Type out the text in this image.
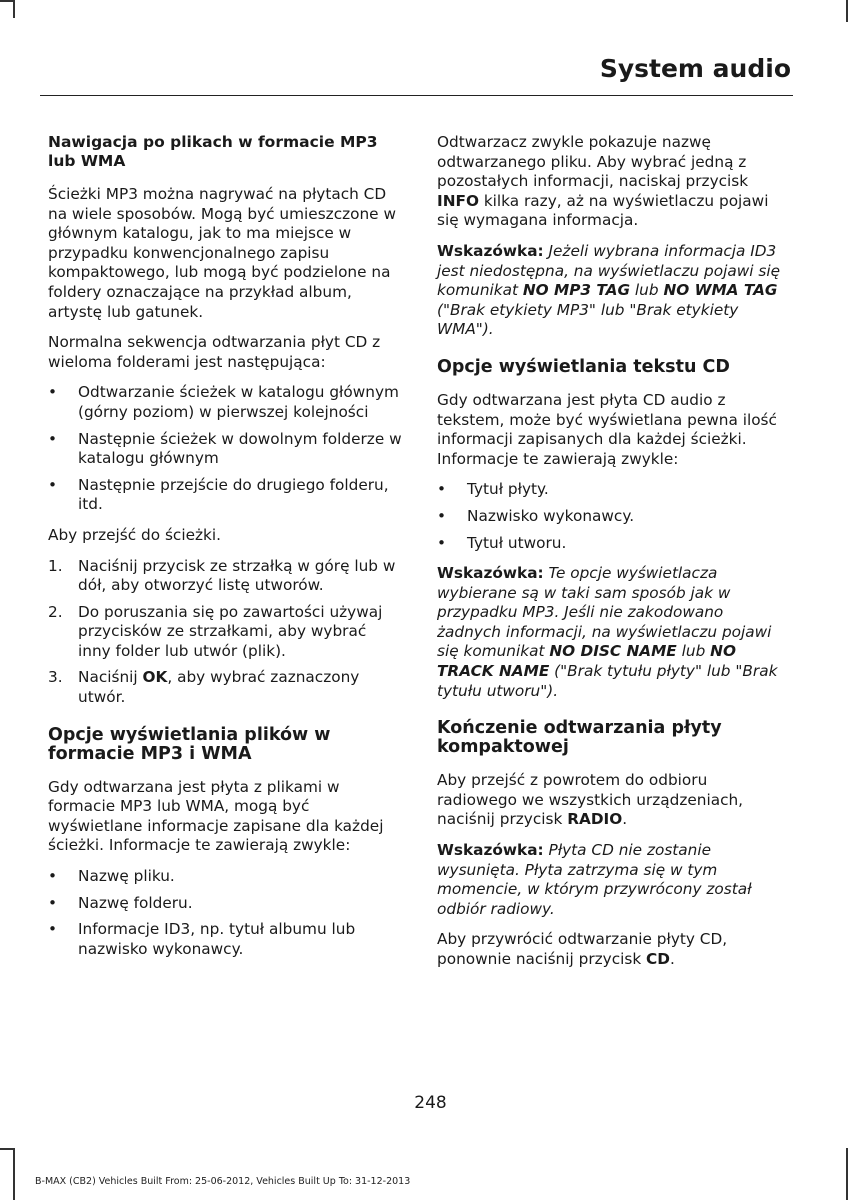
System audio
Nawigacja po plikach w formacie MP3 lub WMA

Ścieżki MP3 można nagrywać na płytach CD na wiele sposobów. Mogą być umieszczone w głównym katalogu, jak to ma miejsce w przypadku konwencjonalnego zapisu kompaktowego, lub mogą być podzielone na foldery oznaczające na przykład album, artystę lub gatunek.

Normalna sekwencja odtwarzania płyt CD z wieloma folderami jest następująca:

• Odtwarzanie ścieżek w katalogu głównym (górny poziom) w pierwszej kolejności
• Następnie ścieżek w dowolnym folderze w katalogu głównym
• Następnie przejście do drugiego folderu, itd.

Aby przejść do ścieżki.

1. Naciśnij przycisk ze strzałką w górę lub w dół, aby otworzyć listę utworów.
2. Do poruszania się po zawartości używaj przycisków ze strzałkami, aby wybrać inny folder lub utwór (plik).
3. Naciśnij OK, aby wybrać zaznaczony utwór.
Opcje wyświetlania plików w formacie MP3 i WMA

Gdy odtwarzana jest płyta z plikami w formacie MP3 lub WMA, mogą być wyświetlane informacje zapisane dla każdej ścieżki. Informacje te zawierają zwykle:

• Nazwę pliku.
• Nazwę folderu.
• Informacje ID3, np. tytuł albumu lub nazwisko wykonawcy.

Odtwarzacz zwykle pokazuje nazwę odtwarzanego pliku. Aby wybrać jedną z pozostałych informacji, naciskaj przycisk INFO kilka razy, aż na wyświetlaczu pojawi się wymagana informacja.

Wskazówka: Jeżeli wybrana informacja ID3 jest niedostępna, na wyświetlaczu pojawi się komunikat NO MP3 TAG lub NO WMA TAG ("Brak etykiety MP3" lub "Brak etykiety WMA").

Opcje wyświetlania tekstu CD

Gdy odtwarzana jest płyta CD audio z tekstem, może być wyświetlana pewna ilość informacji zapisanych dla każdej ścieżki. Informacje te zawierają zwykle:

• Tytuł płyty.
• Nazwisko wykonawcy.
• Tytuł utworu.

Wskazówka: Te opcje wyświetlacza wybierane są w taki sam sposób jak w przypadku MP3. Jeśli nie zakodowano żadnych informacji, na wyświetlaczu pojawi się komunikat NO DISC NAME lub NO TRACK NAME ("Brak tytułu płyty" lub "Brak tytułu utworu").

Kończenie odtwarzania płyty kompaktowej

Aby przejść z powrotem do odbioru radiowego we wszystkich urządzeniach, naciśnij przycisk RADIO.

Wskazówka: Płyta CD nie zostanie wysunięta. Płyta zatrzyma się w tym momencie, w którym przywrócony został odbiór radiowy.

Aby przywrócić odtwarzanie płyty CD, ponownie naciśnij przycisk CD.

248

B-MAX (CB2) Vehicles Built From: 25-06-2012, Vehicles Built Up To: 31-12-2013
